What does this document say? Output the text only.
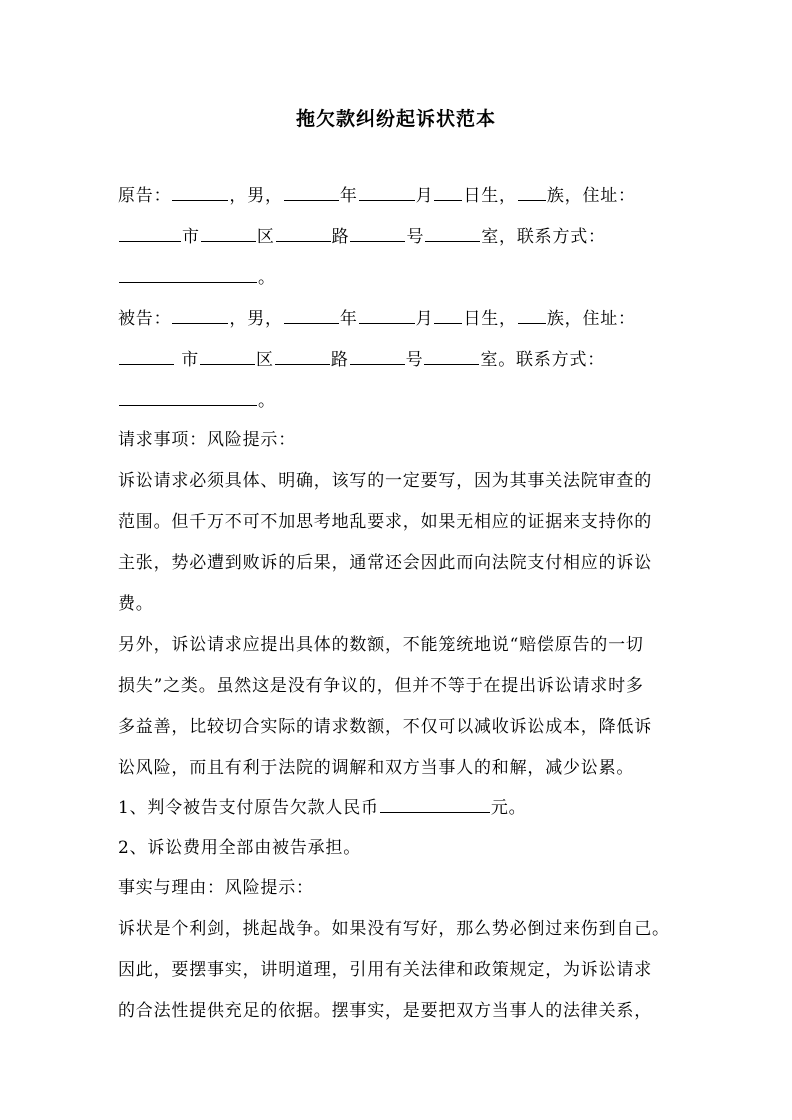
拖欠款纠纷起诉状范本
原告：	，男，	年	月 日生， 族，住址：
市	区	路	号	室，联系方式：
。
被告：	，男，	年	月 日生， 族，住址：
市	区	路	号	室。联系方式：
。
请求事项：风险提示：
诉讼请求必须具体、明确，该写的一定要写，因为其事关法院审查的
范围。但千万不可不加思考地乱要求，如果无相应的证据来支持你的
主张，势必遭到败诉的后果，通常还会因此而向法院支付相应的诉讼
费。
另外，诉讼请求应提出具体的数额，不能笼统地说“赔偿原告的一切
损失”之类。虽然这是没有争议的，但并不等于在提出诉讼请求时多
多益善，比较切合实际的请求数额，不仅可以减收诉讼成本，降低诉
讼风险，而且有利于法院的调解和双方当事人的和解，减少讼累。
1、判令被告支付原告欠款人民币	元。
2、诉讼费用全部由被告承担。
事实与理由：风险提示：
诉状是个利剑，挑起战争。如果没有写好，那么势必倒过来伤到自己。
因此，要摆事实，讲明道理，引用有关法律和政策规定，为诉讼请求
的合法性提供充足的依据。摆事实，是要把双方当事人的法律关系，
